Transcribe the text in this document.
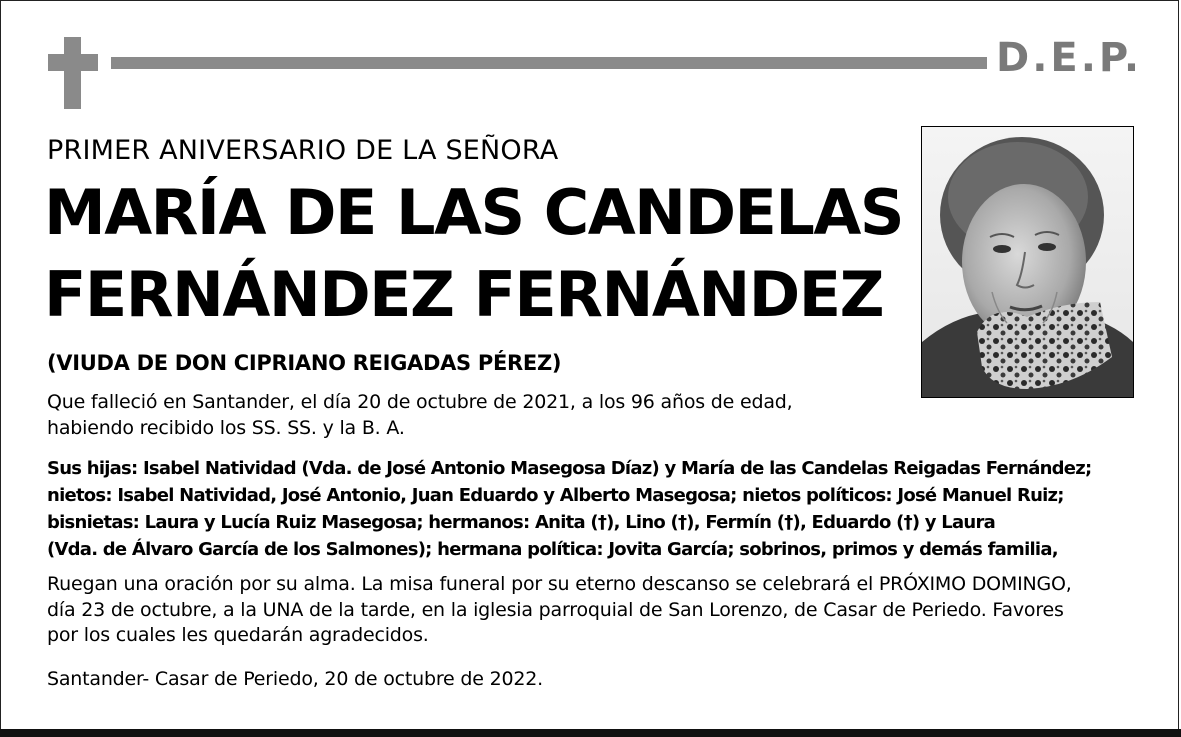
D.E.P.
PRIMER ANIVERSARIO DE LA SEÑORA
MARÍA DE LAS CANDELAS
FERNÁNDEZ FERNÁNDEZ
(VIUDA DE DON CIPRIANO REIGADAS PÉREZ)
Que falleció en Santander, el día 20 de octubre de 2021, a los 96 años de edad,
habiendo recibido los SS. SS. y la B. A.
Sus hijas: Isabel Natividad (Vda. de José Antonio Masegosa Díaz) y María de las Candelas Reigadas Fernández;
nietos: Isabel Natividad, José Antonio, Juan Eduardo y Alberto Masegosa; nietos políticos: José Manuel Ruiz;
bisnietas: Laura y Lucía Ruiz Masegosa; hermanos: Anita (†), Lino (†), Fermín (†), Eduardo (†) y Laura
(Vda. de Álvaro García de los Salmones); hermana política: Jovita García; sobrinos, primos y demás familia,
Ruegan una oración por su alma. La misa funeral por su eterno descanso se celebrará el PRÓXIMO DOMINGO,
día 23 de octubre, a la UNA de la tarde, en la iglesia parroquial de San Lorenzo, de Casar de Periedo. Favores
por los cuales les quedarán agradecidos.
Santander- Casar de Periedo, 20 de octubre de 2022.
